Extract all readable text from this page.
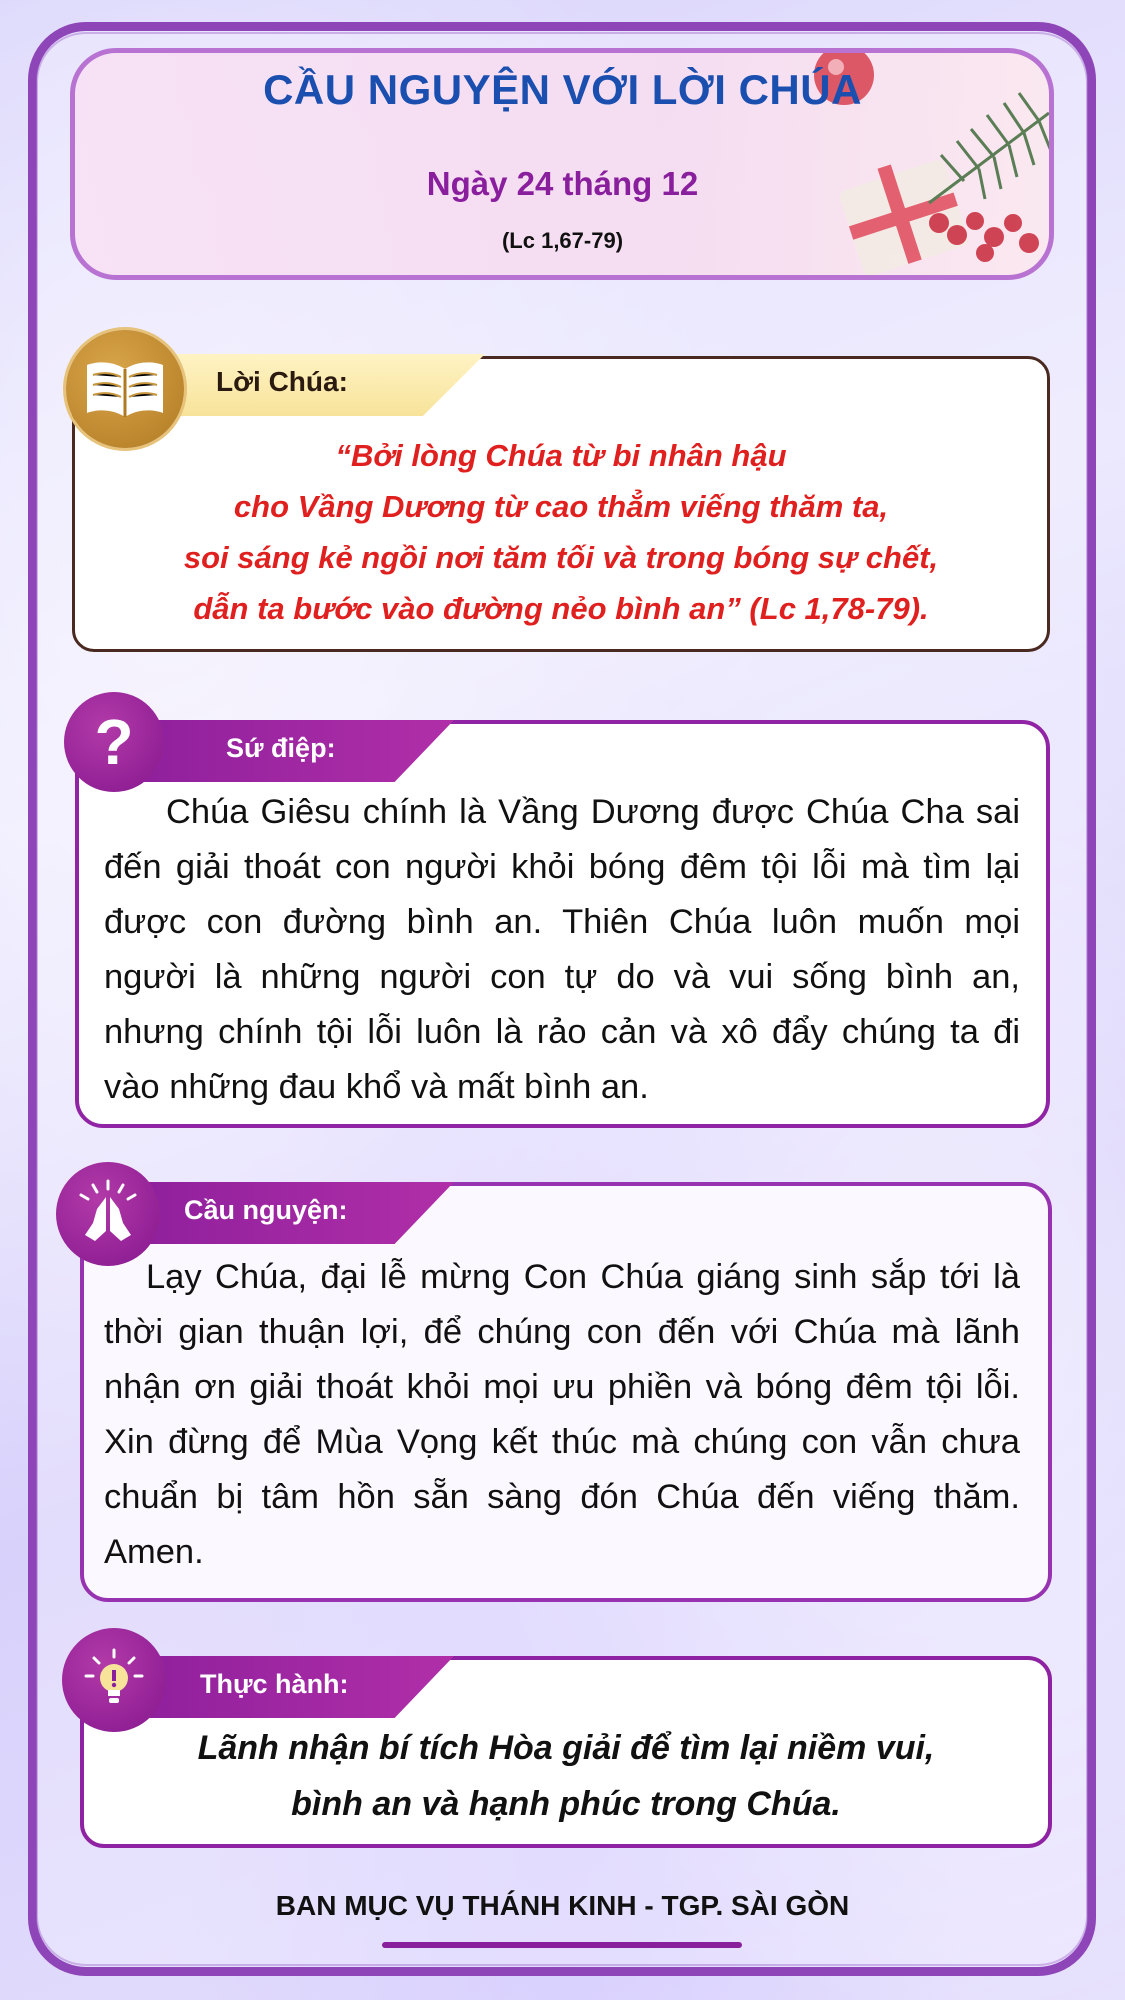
CẦU NGUYỆN VỚI LỜI CHÚA
Ngày 24 tháng 12
(Lc 1,67-79)
Lời Chúa:
“Bởi lòng Chúa từ bi nhân hậu
cho Vầng Dương từ cao thẳm viếng thăm ta,
soi sáng kẻ ngồi nơi tăm tối và trong bóng sự chết,
dẫn ta bước vào đường nẻo bình an” (Lc 1,78-79).
Sứ điệp:
?
Chúa Giêsu chính là Vầng Dương được Chúa Cha sai đến giải thoát con người khỏi bóng đêm tội lỗi mà tìm lại được con đường bình an. Thiên Chúa luôn muốn mọi người là những người con tự do và vui sống bình an, nhưng chính tội lỗi luôn là rảo cản và xô đẩy chúng ta đi vào những đau khổ và mất bình an.
Cầu nguyện:
Lạy Chúa, đại lễ mừng Con Chúa giáng sinh sắp tới là thời gian thuận lợi, để chúng con đến với Chúa mà lãnh nhận ơn giải thoát khỏi mọi ưu phiền và bóng đêm tội lỗi. Xin đừng để Mùa Vọng kết thúc mà chúng con vẫn chưa chuẩn bị tâm hồn sẵn sàng đón Chúa đến viếng thăm. Amen.
Thực hành:
Lãnh nhận bí tích Hòa giải để tìm lại niềm vui,
bình an và hạnh phúc trong Chúa.
BAN MỤC VỤ THÁNH KINH - TGP. SÀI GÒN
